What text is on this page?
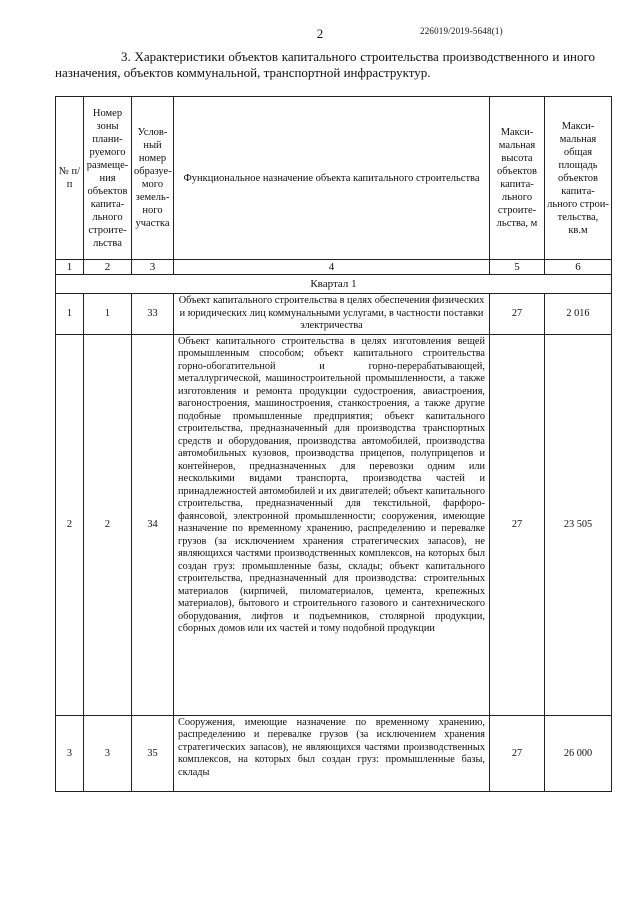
2	226019/2019-5648(1)
3. Характеристики объектов капитального строительства производственного и иного назначения, объектов коммунальной, транспортной инфраструктур.
№ п/п	Номер зоны плани-руемого размеще-ния объектов капита-льного строите-льства	Услов-ный номер образуе-мого земель-ного участка	Функциональное назначение объекта капитального строительства	Макси-мальная высота объектов капита-льного строите-льства, м	Макси-мальная общая площадь объектов капита-льного строи-тельства, кв.м
1	2	3	4	5	6
Квартал 1					
1	1	33	Объект капитального строительства в целях обеспечения физических и юридических лиц коммунальными услугами, в частности поставки электричества	27	2 016
2	2	34	Объект капитального строительства в целях изготовления вещей промышленным способом; объект капитального строительства горно-обогатительной и горно-перерабатывающей, металлургической, машиностроительной промышленности, а также изготовления и ремонта продукции судостроения, авиастроения, вагоностроения, машиностроения, станкостроения, а также другие подобные промышленные предприятия; объект капитального строительства, предназначенный для производства транспортных средств и оборудования, производства автомобилей, производства автомобильных кузовов, производства прицепов, полуприцепов и контейнеров, предназначенных для перевозки одним или несколькими видами транспорта, производства частей и принадлежностей автомобилей и их двигателей; объект капитального строительства, предназначенный для текстильной, фарфоро-фаянсовой, электронной промышленности; сооружения, имеющие назначение по временному хранению, распределению и перевалке грузов (за исключением хранения стратегических запасов), не являющихся частями производственных комплексов, на которых был создан груз: промышленные базы, склады; объект капитального строительства, предназначенный для производства: строительных материалов (кирпичей, пиломатериалов, цемента, крепежных материалов), бытового и строительного газового и сантехнического оборудования, лифтов и подъемников, столярной продукции, сборных домов или их частей и тому подобной продукции	27	23 505
3	3	35	Сооружения, имеющие назначение по временному хранению, распределению и перевалке грузов (за исключением хранения стратегических запасов), не являющихся частями производственных комплексов, на которых был создан груз: промышленные базы, склады	27	26 000
